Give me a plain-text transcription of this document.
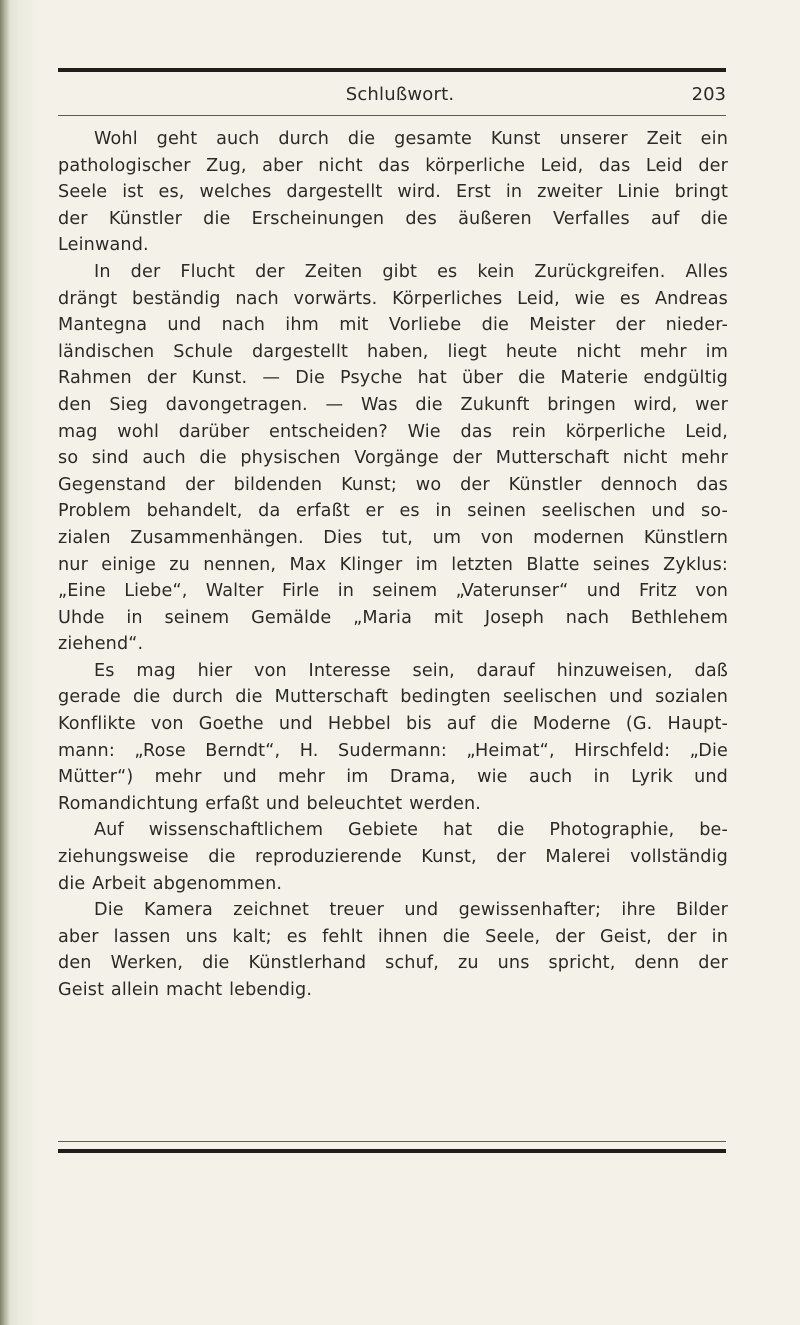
Schlußwort.	203
Wohl geht auch durch die gesamte Kunst unserer Zeit ein
pathologischer Zug, aber nicht das körperliche Leid, das Leid der
Seele ist es, welches dargestellt wird. Erst in zweiter Linie bringt
der Künstler die Erscheinungen des äußeren Verfalles auf die
Leinwand.
In der Flucht der Zeiten gibt es kein Zurückgreifen. Alles
drängt beständig nach vorwärts. Körperliches Leid, wie es Andreas
Mantegna und nach ihm mit Vorliebe die Meister der nieder-
ländischen Schule dargestellt haben, liegt heute nicht mehr im
Rahmen der Kunst. — Die Psyche hat über die Materie endgültig
den Sieg davongetragen. — Was die Zukunft bringen wird, wer
mag wohl darüber entscheiden? Wie das rein körperliche Leid,
so sind auch die physischen Vorgänge der Mutterschaft nicht mehr
Gegenstand der bildenden Kunst; wo der Künstler dennoch das
Problem behandelt, da erfaßt er es in seinen seelischen und so-
zialen Zusammenhängen. Dies tut, um von modernen Künstlern
nur einige zu nennen, Max Klinger im letzten Blatte seines Zyklus:
„Eine Liebe“, Walter Firle in seinem „Vaterunser“ und Fritz von
Uhde in seinem Gemälde „Maria mit Joseph nach Bethlehem
ziehend“.
Es mag hier von Interesse sein, darauf hinzuweisen, daß
gerade die durch die Mutterschaft bedingten seelischen und sozialen
Konflikte von Goethe und Hebbel bis auf die Moderne (G. Haupt-
mann: „Rose Berndt“, H. Sudermann: „Heimat“, Hirschfeld: „Die
Mütter“) mehr und mehr im Drama, wie auch in Lyrik und
Romandichtung erfaßt und beleuchtet werden.
Auf wissenschaftlichem Gebiete hat die Photographie, be-
ziehungsweise die reproduzierende Kunst, der Malerei vollständig
die Arbeit abgenommen.
Die Kamera zeichnet treuer und gewissenhafter; ihre Bilder
aber lassen uns kalt; es fehlt ihnen die Seele, der Geist, der in
den Werken, die Künstlerhand schuf, zu uns spricht, denn der
Geist allein macht lebendig.
